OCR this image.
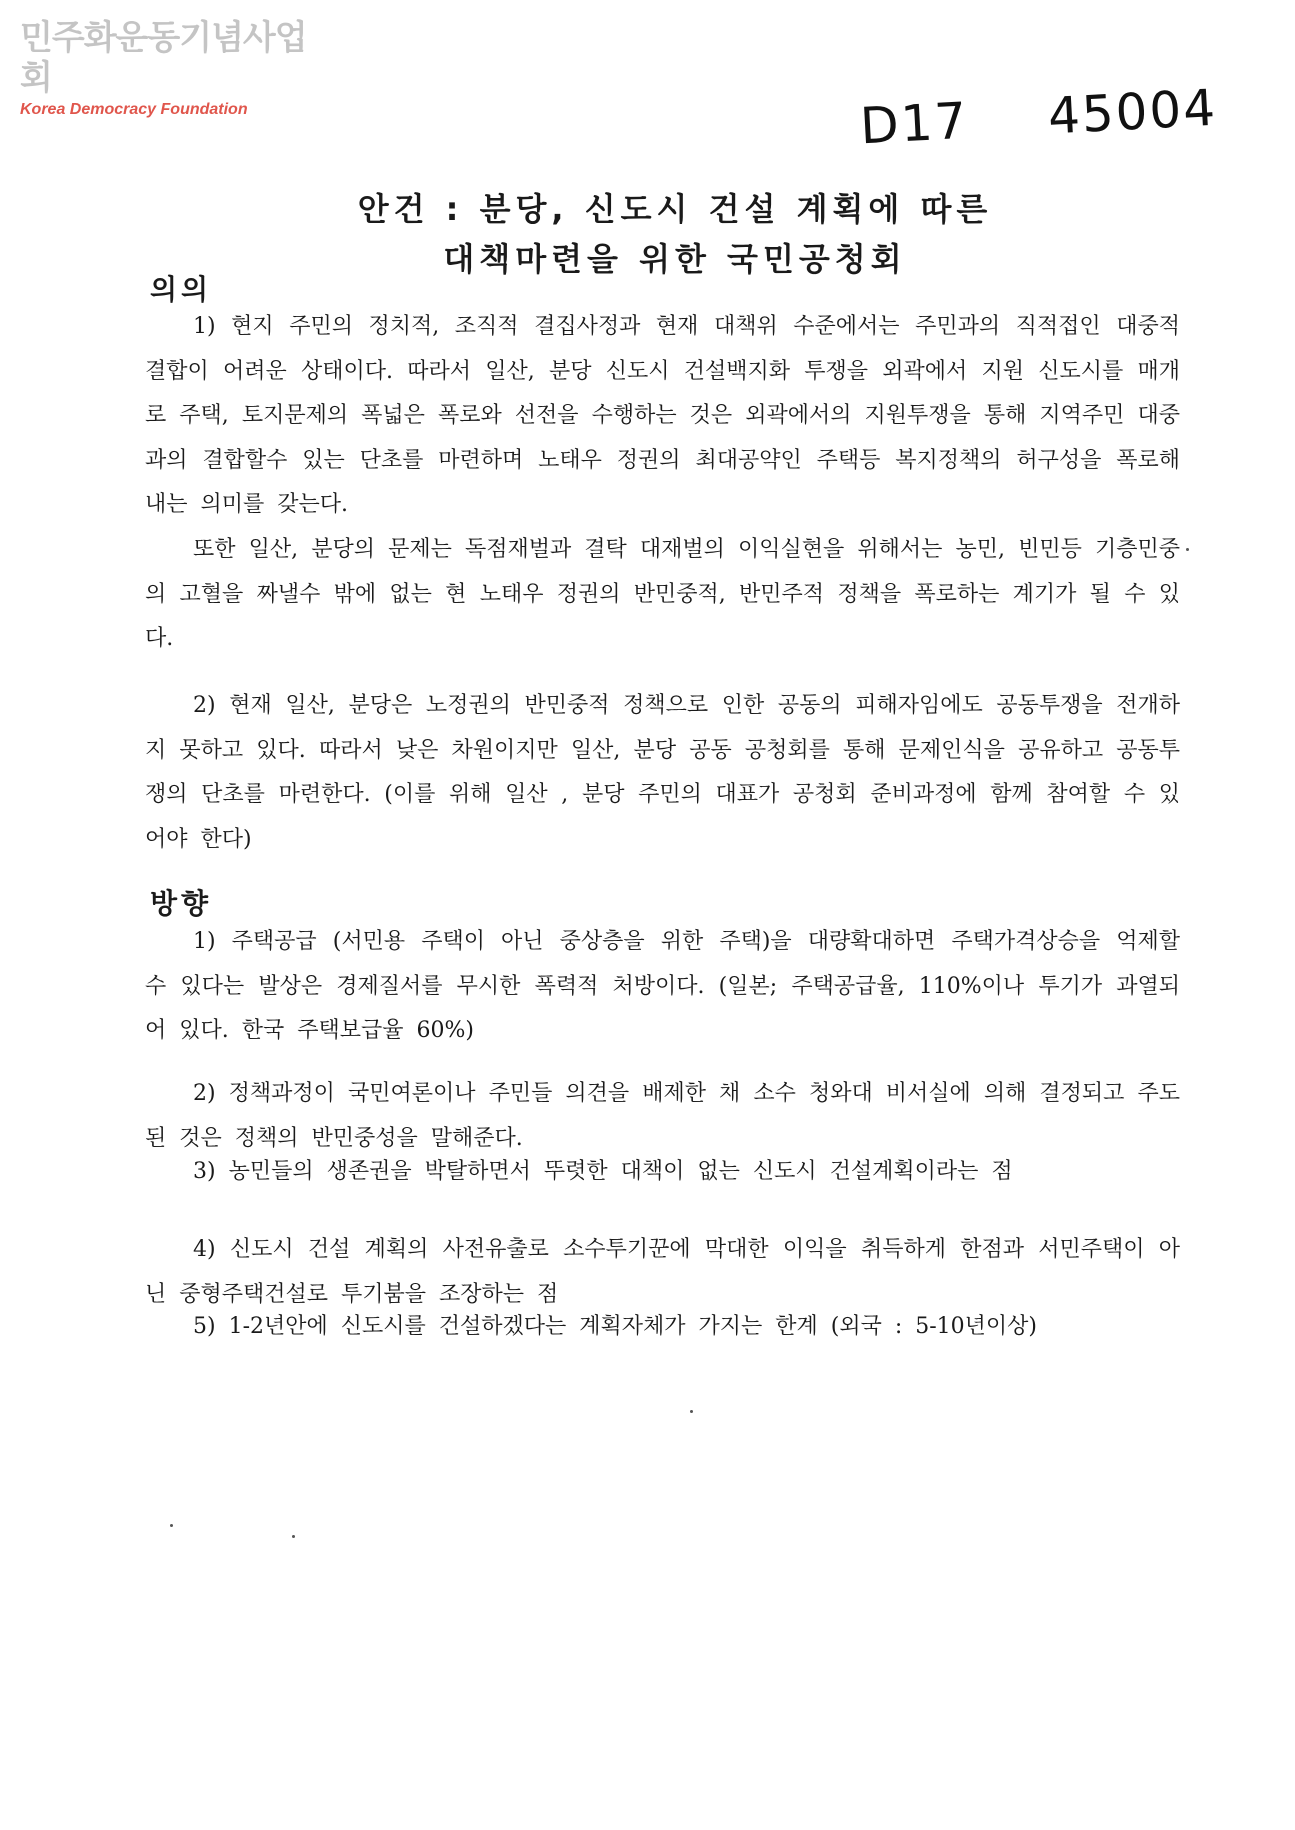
민주화운동기념사업회
Korea Democracy Foundation	D17 45004
안건 : 분당, 신도시 건설 계획에 따른
대책마련을 위한 국민공청회
의의

1) 현지 주민의 정치적, 조직적 결집사정과 현재 대책위 수준에서는 주민과의 직적접인 대중적 결합이 어려운 상태이다. 따라서 일산, 분당 신도시 건설백지화 투쟁을 외곽에서 지원 신도시를 매개로 주택, 토지문제의 폭넓은 폭로와 선전을 수행하는 것은 외곽에서의 지원투쟁을 통해 지역주민 대중과의 결합할수 있는 단초를 마련하며 노태우 정권의 최대공약인 주택등 복지정책의 허구성을 폭로해내는 의미를 갖는다.

또한 일산, 분당의 문제는 독점재벌과 결탁 대재벌의 이익실현을 위해서는 농민, 빈민등 기층민중의 고혈을 짜낼수 밖에 없는 현 노태우 정권의 반민중적, 반민주적 정책을 폭로하는 계기가 될 수 있다.

2) 현재 일산, 분당은 노정권의 반민중적 정책으로 인한 공동의 피해자임에도 공동투쟁을 전개하지 못하고 있다. 따라서 낮은 차원이지만 일산, 분당 공동 공청회를 통해 문제인식을 공유하고 공동투쟁의 단초를 마련한다. (이를 위해 일산 , 분당 주민의 대표가 공청회 준비과정에 함께 참여할 수 있어야 한다)

방향

1) 주택공급 (서민용 주택이 아닌 중상층을 위한 주택)을 대량확대하면 주택가격상승을 억제할 수 있다는 발상은 경제질서를 무시한 폭력적 처방이다. (일본; 주택공급율, 110%이나 투기가 과열되어 있다. 한국 주택보급율 60%)

2) 정책과정이 국민여론이나 주민들 의견을 배제한 채 소수 청와대 비서실에 의해 결정되고 주도된 것은 정책의 반민중성을 말해준다.

3) 농민들의 생존권을 박탈하면서 뚜렷한 대책이 없는 신도시 건설계획이라는 점

4) 신도시 건설 계획의 사전유출로 소수투기꾼에 막대한 이익을 취득하게 한점과 서민주택이 아닌 중형주택건설로 투기붐을 조장하는 점

5) 1-2년안에 신도시를 건설하겠다는 계획자체가 가지는 한계 (외국 : 5-10년이상)
